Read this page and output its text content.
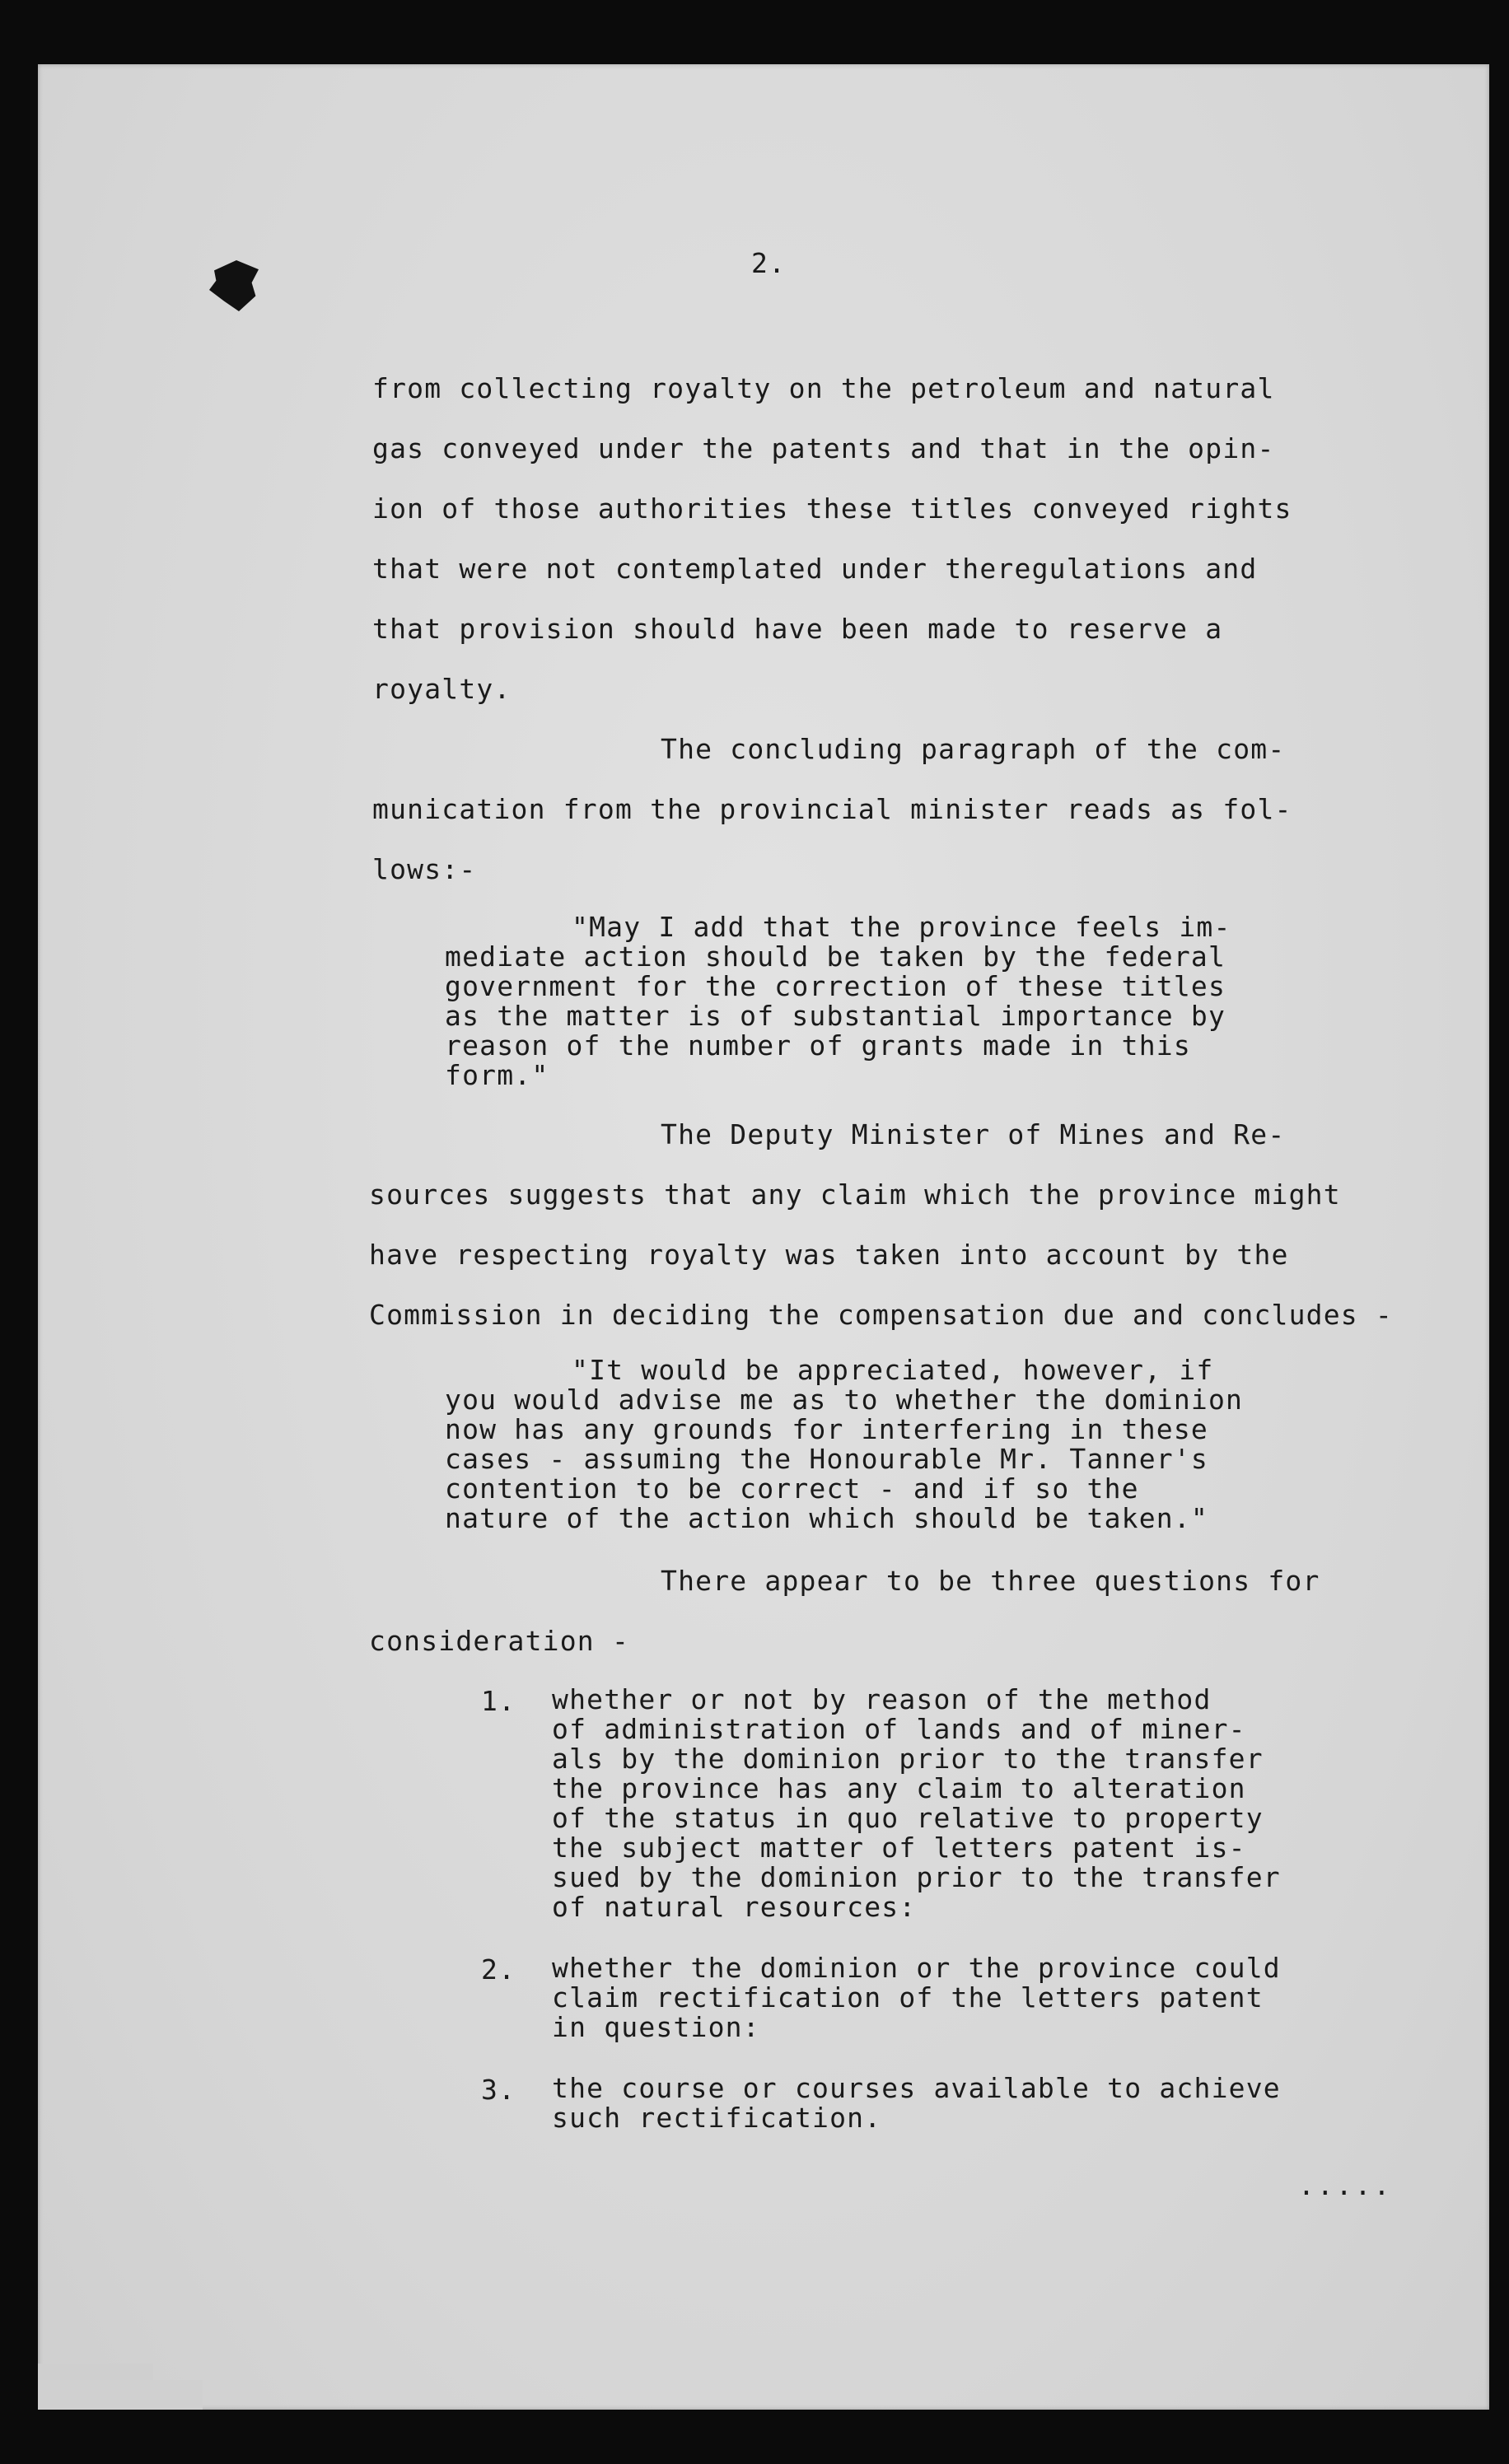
2.
from collecting royalty on the petroleum and natural
gas conveyed under the patents and that in the opin-
ion of those authorities these titles conveyed rights
that were not contemplated under theregulations and
that provision should have been made to reserve a
royalty.
The concluding paragraph of the com-
munication from the provincial minister reads as fol-
lows:-
"May I add that the province feels im-
mediate action should be taken by the federal
government for the correction of these titles
as the matter is of substantial importance by
reason of the number of grants made in this
form."
The Deputy Minister of Mines and Re-
sources suggests that any claim which the province might
have respecting royalty was taken into account by the
Commission in deciding the compensation due and concludes -
"It would be appreciated, however, if
you would advise me as to whether the dominion
now has any grounds for interfering in these
cases - assuming the Honourable Mr. Tanner's
contention to be correct - and if so the
nature of the action which should be taken."
There appear to be three questions for
consideration -
1. whether or not by reason of the method
of administration of lands and of miner-
als by the dominion prior to the transfer
the province has any claim to alteration
of the status in quo relative to property
the subject matter of letters patent is-
sued by the dominion prior to the transfer
of natural resources:
2. whether the dominion or the province could
claim rectification of the letters patent
in question:
3. the course or courses available to achieve
such rectification.
.....
